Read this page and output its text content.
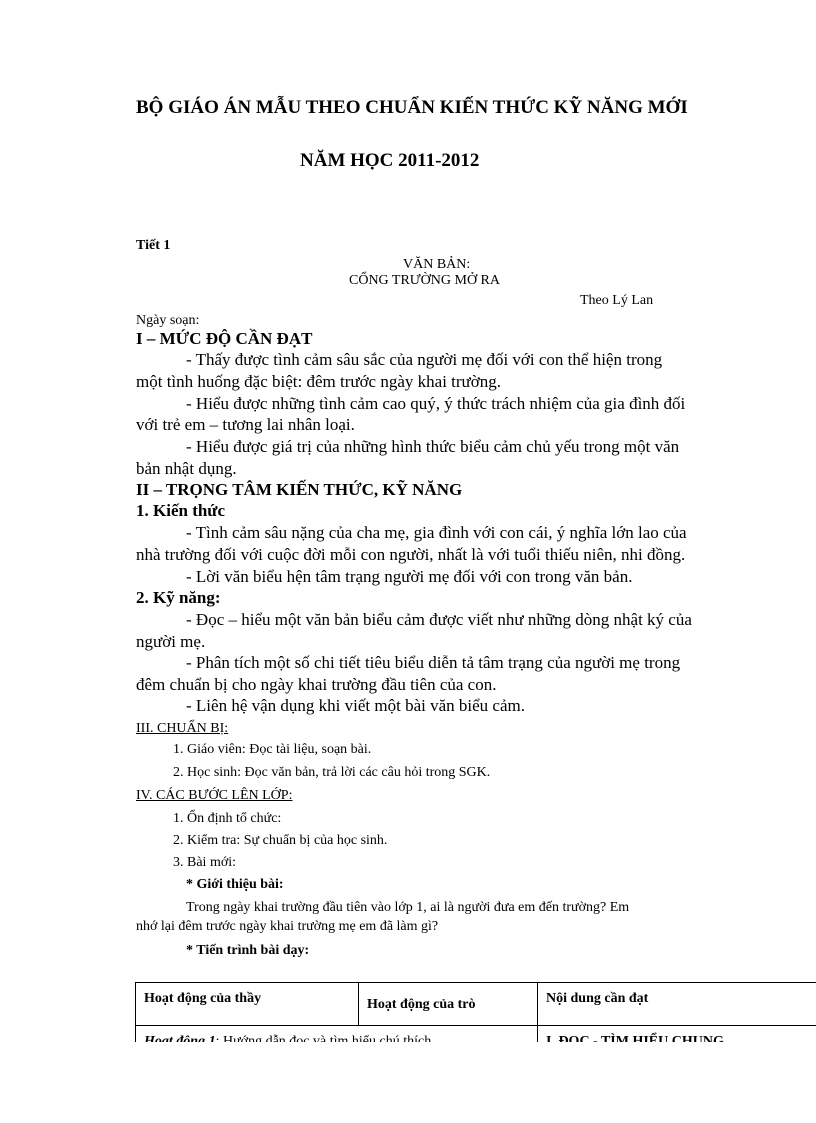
BỘ GIÁO ÁN MẪU THEO CHUẨN KIẾN THỨC KỸ NĂNG MỚI
NĂM HỌC 2011-2012
Tiết 1
VĂN BẢN:
CỔNG TRƯỜNG MỞ RA
Theo Lý Lan
Ngày soạn:
I – MỨC ĐỘ CẦN ĐẠT
- Thấy được tình cảm sâu sắc của người mẹ đối với con thể hiện trong
một tình huống đặc biệt: đêm trước ngày khai trường.
- Hiểu được những tình cảm cao quý, ý thức trách nhiệm của gia đình đối
với trẻ em – tương lai nhân loại.
- Hiểu được giá trị của những hình thức biểu cảm chủ yếu trong một văn
bản nhật dụng.
II – TRỌNG TÂM KIẾN THỨC, KỸ NĂNG
1. Kiến thức
- Tình cảm sâu nặng của cha mẹ, gia đình với con cái, ý nghĩa lớn lao của
nhà trường đối với cuộc đời mỗi con người, nhất là với tuổi thiếu niên, nhi đồng.
- Lời văn biểu hện tâm trạng người mẹ đối với con trong văn bản.
2. Kỹ năng:
- Đọc – hiểu một văn bản biểu cảm được viết như những dòng nhật ký của
người mẹ.
- Phân tích một số chi tiết tiêu biểu diễn tả tâm trạng của người mẹ trong
đêm chuẩn bị cho ngày khai trường đầu tiên của con.
- Liên hệ vận dụng khi viết một bài văn biểu cảm.
III. CHUẨN BỊ:
1. Giáo viên: Đọc tài liệu, soạn bài.
2. Học sinh: Đọc văn bản, trả lời các câu hỏi trong SGK.
IV. CÁC BƯỚC LÊN LỚP:
1. Ổn định tổ chức:
2. Kiểm tra: Sự chuẩn bị của học sinh.
3. Bài mới:
* Giới thiệu bài:
Trong ngày khai trường đầu tiên vào lớp 1, ai là người đưa em đến trường? Em
nhớ lại đêm trước ngày khai trường mẹ em đã làm gì?
* Tiến trình bài dạy:
Hoạt động của thầy	Hoạt động của trò	Nội dung cần đạt
